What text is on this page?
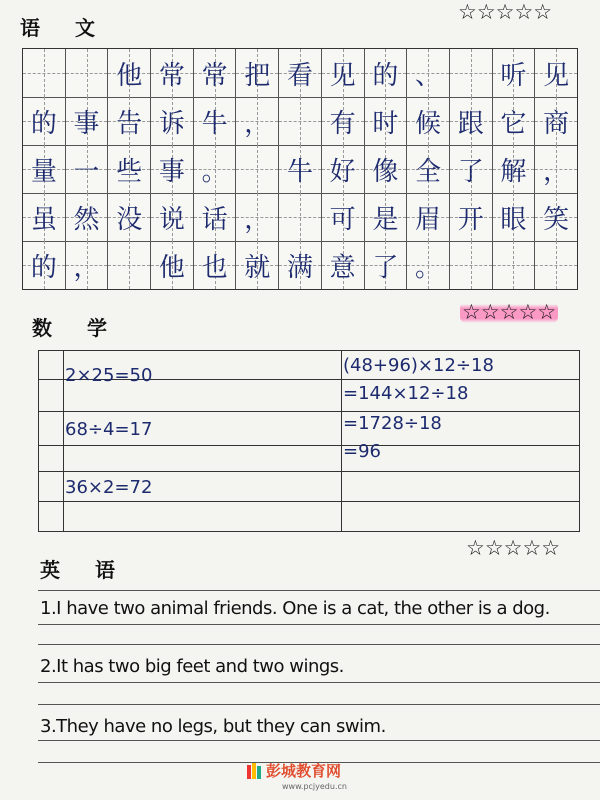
语 文
☆☆☆☆☆
他 常 常 把 看 见 的 、 听 见
的 事 告 诉 牛 ， 有 时 候 跟 它 商
量 一 些 事 。 牛 好 像 全 了 解 ，
虽 然 没 说 话 ， 可 是 眉 开 眼 笑
的 ， 他 也 就 满 意 了 。
数 学
☆☆☆☆☆
2×25=50
68÷4=17
36×2=72
(48+96)×12÷18
=144×12÷18
=1728÷18
=96
英 语
☆☆☆☆☆
1.I have two animal friends. One is a cat, the other is a dog.
2.It has two big feet and two wings.
3.They have no legs, but they can swim.
彭城教育网
www.pcjyedu.cn
